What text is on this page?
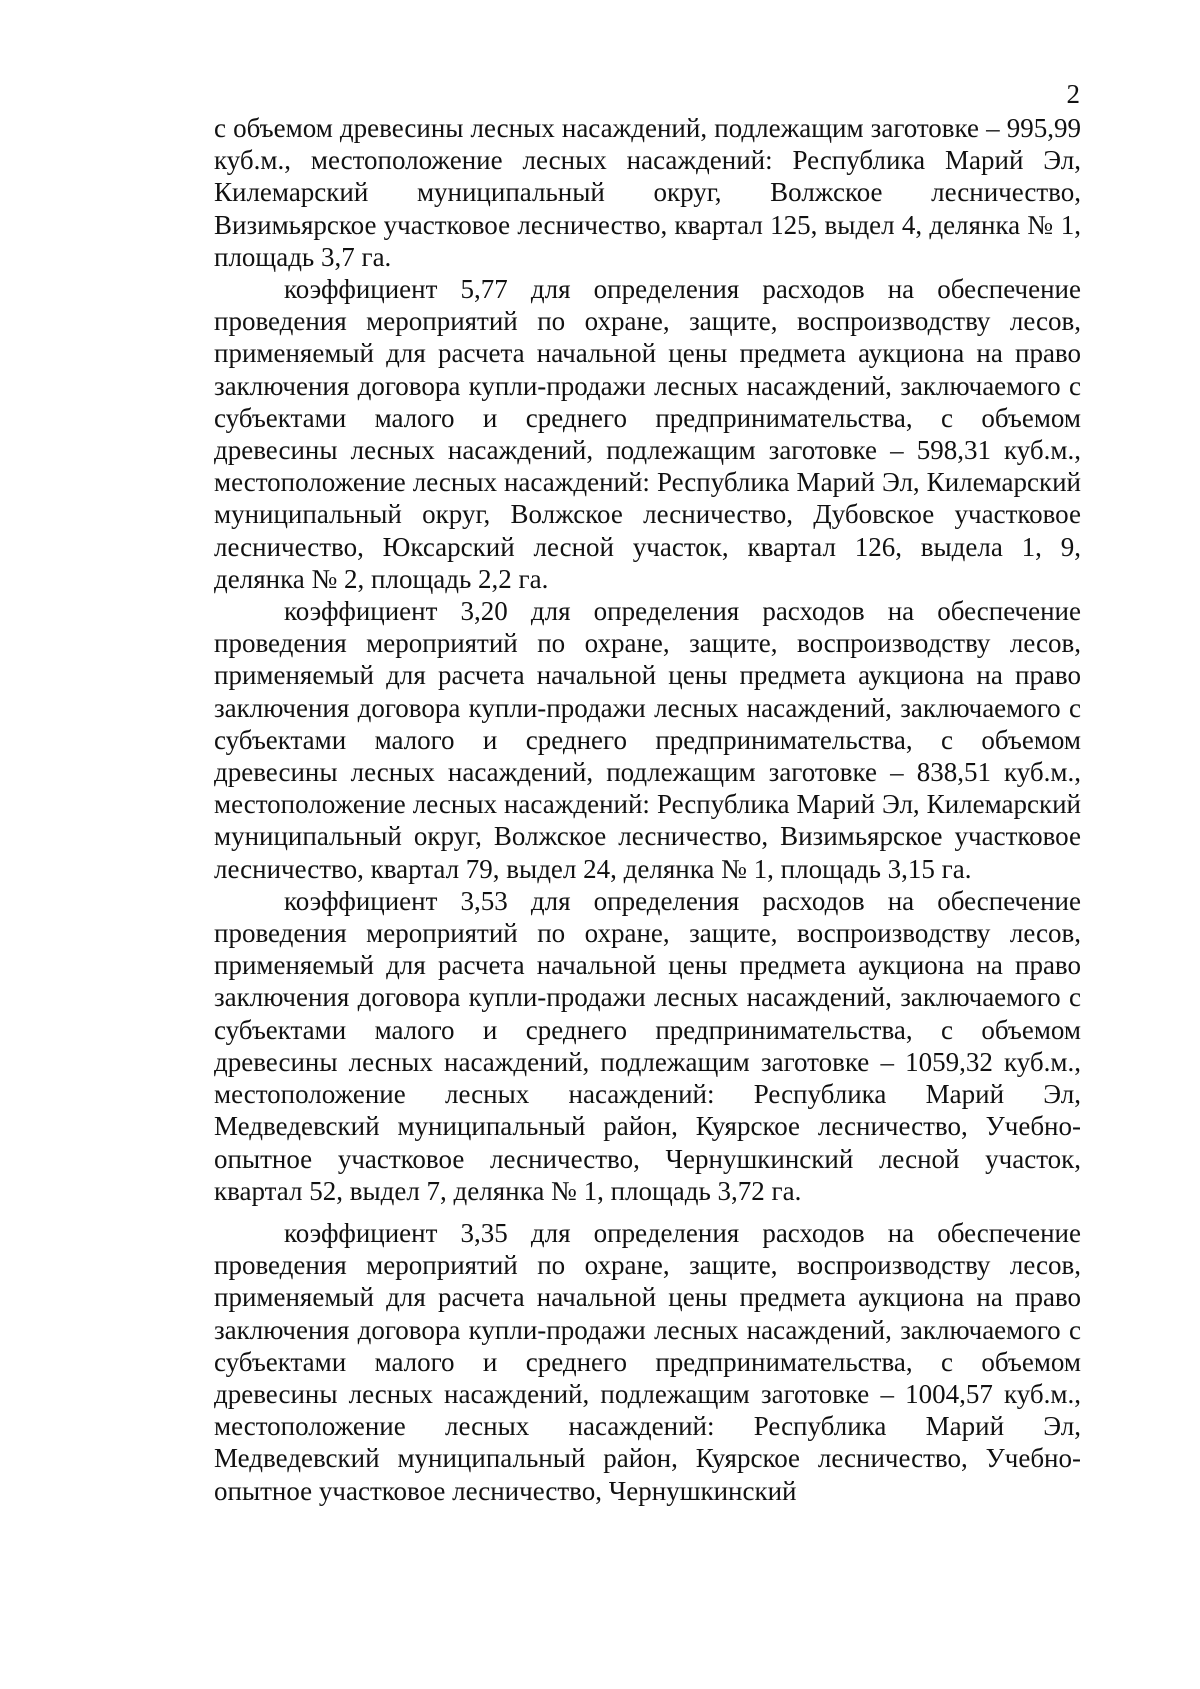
2

с объемом древесины лесных насаждений, подлежащим заготовке – 995,99 куб.м., местоположение лесных насаждений: Республика Марий Эл, Килемарский муниципальный округ, Волжское лесничество, Визимьярское участковое лесничество, квартал 125, выдел 4, делянка № 1, площадь 3,7 га.

коэффициент 5,77 для определения расходов на обеспечение проведения мероприятий по охране, защите, воспроизводству лесов, применяемый для расчета начальной цены предмета аукциона на право заключения договора купли-продажи лесных насаждений, заключаемого с субъектами малого и среднего предпринимательства, с объемом древесины лесных насаждений, подлежащим заготовке – 598,31 куб.м., местоположение лесных насаждений: Республика Марий Эл, Килемарский муниципальный округ, Волжское лесничество, Дубовское участковое лесничество, Юксарский лесной участок, квартал 126, выдела 1, 9, делянка № 2, площадь 2,2 га.

коэффициент 3,20 для определения расходов на обеспечение проведения мероприятий по охране, защите, воспроизводству лесов, применяемый для расчета начальной цены предмета аукциона на право заключения договора купли-продажи лесных насаждений, заключаемого с субъектами малого и среднего предпринимательства, с объемом древесины лесных насаждений, подлежащим заготовке – 838,51 куб.м., местоположение лесных насаждений: Республика Марий Эл, Килемарский муниципальный округ, Волжское лесничество, Визимьярское участковое лесничество, квартал 79, выдел 24, делянка № 1, площадь 3,15 га.

коэффициент 3,53 для определения расходов на обеспечение проведения мероприятий по охране, защите, воспроизводству лесов, применяемый для расчета начальной цены предмета аукциона на право заключения договора купли-продажи лесных насаждений, заключаемого с субъектами малого и среднего предпринимательства, с объемом древесины лесных насаждений, подлежащим заготовке – 1059,32 куб.м., местоположение лесных насаждений: Республика Марий Эл, Медведевский муниципальный район, Куярское лесничество, Учебно-опытное участковое лесничество, Чернушкинский лесной участок, квартал 52, выдел 7, делянка № 1, площадь 3,72 га.

коэффициент 3,35 для определения расходов на обеспечение проведения мероприятий по охране, защите, воспроизводству лесов, применяемый для расчета начальной цены предмета аукциона на право заключения договора купли-продажи лесных насаждений, заключаемого с субъектами малого и среднего предпринимательства, с объемом древесины лесных насаждений, подлежащим заготовке – 1004,57 куб.м., местоположение лесных насаждений: Республика Марий Эл, Медведевский муниципальный район, Куярское лесничество, Учебно-опытное участковое лесничество, Чернушкинский
